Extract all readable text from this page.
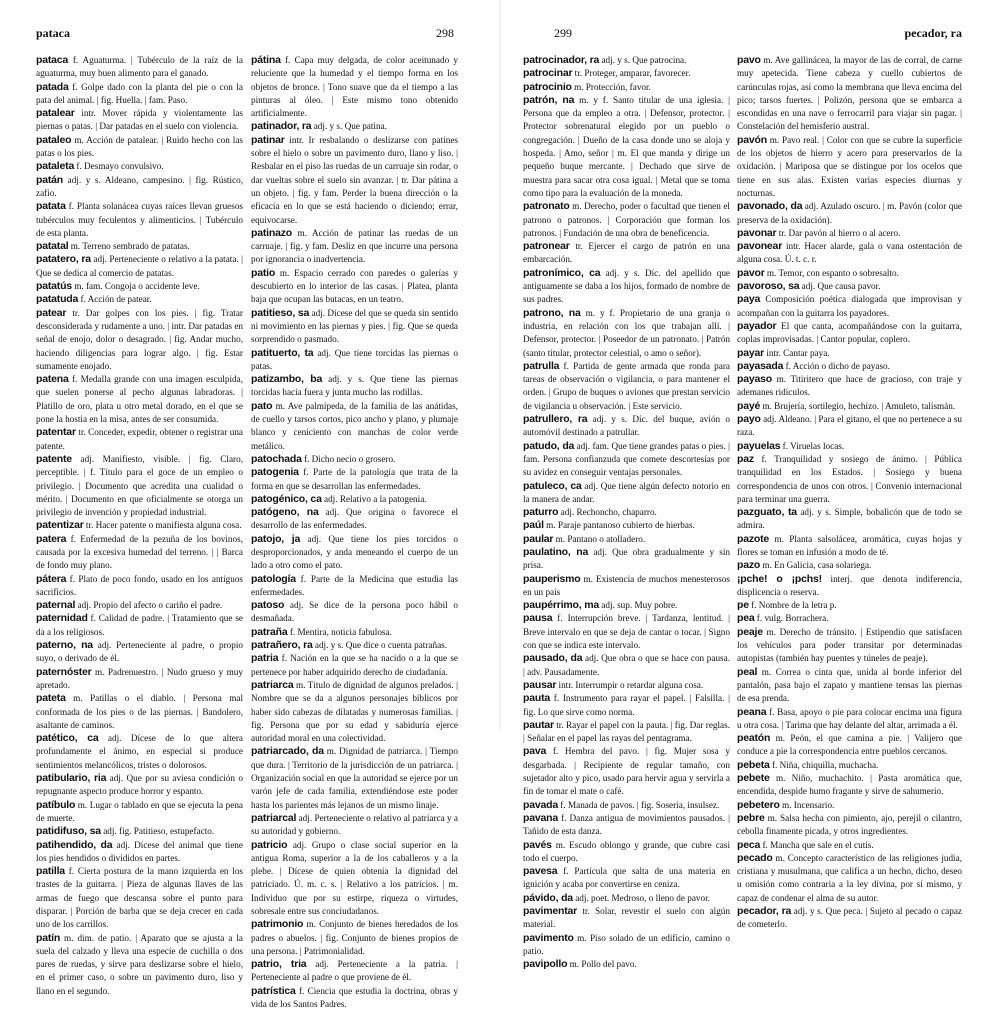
pataca	298

pataca f. Aguaturma. | Tubérculo de la raíz de la aguaturma, muy buen alimento para el ganado.

patada f. Golpe dado con la planta del pie o con la pata del animal. | fig. Huella. | fam. Paso.

patalear intr. Mover rápida y violentamente las piernas o patas. | Dar patadas en el suelo con violencia.

pataleo m. Acción de patalear. | Ruido hecho con las patas o los pies.

pataleta f. Desmayo convulsivo.

patán adj. y s. Aldeano, campesino. | fig. Rústico, zafio.

patata f. Planta solanácea cuyas raíces llevan gruesos tubérculos muy feculentos y alimenticios. | Tubérculo de esta planta.

patatal m. Terreno sembrado de patatas.

patatero, ra adj. Perteneciente o relativo a la patata. | Que se dedica al comercio de patatas.

patatús m. fam. Congoja o accidente leve.

patatuda f. Acción de patear.

patear tr. Dar golpes con los pies. | fig. Tratar desconsiderada y rudamente a uno. | intr. Dar patadas en señal de enojo, dolor o desagrado. | fig. Andar mucho, haciendo diligencias para lograr algo. | fig. Estar sumamente enojado.

patena f. Medalla grande con una imagen esculpida, que suelen ponerse al pecho algunas labradoras. | Platillo de oro, plata u otro metal dorado, en el que se pone la hostia en la misa, antes de ser consumida.

patentar tr. Conceder, expedir, obtener o registrar una patente.

patente adj. Manifiesto, visible. | fig. Claro, perceptible. | f. Título para el goce de un empleo o privilegio. | Documento que acredita una cualidad o mérito. | Documento en que oficialmente se otorga un privilegio de invención y propiedad industrial.

patentizar tr. Hacer patente o manifiesta alguna cosa.

patera f. Enfermedad de la pezuña de los bovinos, causada por la excesiva humedad del terreno. | | Barca de fondo muy plano.

pátera f. Plato de poco fondo, usado en los antiguos sacrificios.

paternal adj. Propio del afecto o cariño el padre.

paternidad f. Calidad de padre. | Tratamiento que se da a los religiosos.

paterno, na adj. Perteneciente al padre, o propio suyo, o derivado de él.

paternóster m. Padrenuestro. | Nudo grueso y muy apretado.

pateta m. Patillas o el diablo. | Persona mal conformada de los pies o de las piernas. | Bandolero, asaltante de caminos.

patético, ca adj. Dícese de lo que altera profundamente el ánimo, en especial si produce sentimientos melancólicos, tristes o dolorosos.

patibulario, ria adj. Que por su aviesa condición o repugnante aspecto produce horror y espanto.

patíbulo m. Lugar o tablado en que se ejecuta la pena de muerte.

patidifuso, sa adj. fig. Patitieso, estupefacto.

patihendido, da adj. Dícese del animal que tiene los pies hendidos o divididos en partes.

patilla f. Cierta postura de la mano izquierda en los trastes de la guitarra. | Pieza de algunas llaves de las armas de fuego que descansa sobre el punto para disparar. | Porción de barba que se deja crecer en cada uno de los carrillos.

patín m. dim. de patio. | Aparato que se ajusta a la suela del calzado y lleva una especie de cuchilla o dos pares de ruedas, y sirve para deslizarse sobre el hielo, en el primer caso, o sobre un pavimento duro, liso y llano en el segundo.

pátina f. Capa muy delgada, de color aceitunado y reluciente que la humedad y el tiempo forma en los objetos de bronce. | Tono suave que da el tiempo a las pinturas al óleo. | Este mismo tono obtenido artificialmente.

patinador, ra adj. y s. Que patina.

patinar intr. Ir resbalando o deslizarse con patines sobre el hielo o sobre un pavimento duro, llano y liso. | Resbalar en el piso las ruedas de un carruaje sin rodar, o dar vueltas sobre el suelo sin avanzar. | tr. Dar pátina a un objeto. | fig. y fam. Perder la buena dirección o la eficacia en lo que se está haciendo o diciendo; errar, equivocarse.

patinazo m. Acción de patinar las ruedas de un carruaje. | fig. y fam. Desliz en que incurre una persona por ignorancia o inadvertencia.

patio m. Espacio cerrado con paredes o galerías y descubierto en lo interior de las casas. | Platea, planta baja que ocupan las butacas, en un teatro.

patitieso, sa adj. Dícese del que se queda sin sentido ni movimiento en las piernas y pies. | fig. Que se queda sorprendido o pasmado.

patituerto, ta adj. Que tiene torcidas las piernas o patas.

patizambo, ba adj. y s. Que tiene las piernas torcidas hacia fuera y junta mucho las rodillas.

pato m. Ave palmípeda, de la familia de las anátidas, de cuello y tarsos cortos, pico ancho y plano, y plumaje blanco y ceniciento con manchas de color verde metálico.

patochada f. Dicho necio o grosero.

patogenia f. Parte de la patología que trata de la forma en que se desarrollan las enfermedades.

patogénico, ca adj. Relativo a la patogenia.

patógeno, na adj. Que origina o favorece el desarrollo de las enfermedades.

patojo, ja adj. Que tiene los pies torcidos o desproporcionados, y anda meneando el cuerpo de un lado a otro como el pato.

patología f. Parte de la Medicina que estudia las enfermedades.

patoso adj. Se dice de la persona poco hábil o desmañada.

patraña f. Mentira, noticia fabulosa.

patrañero, ra adj. y s. Que dice o cuenta patrañas.

patria f. Nación en la que se ha nacido o a la que se pertenece por haber adquirido derecho de ciudadanía.

patriarca m. Título de dignidad de algunos prelados. | Nombre que se da a algunos personajes bíblicos por haber sido cabezas de dilatadas y numerosas familias. | fig. Persona que por su edad y sabiduría ejerce autoridad moral en una colectividad.

patriarcado, da m. Dignidad de patriarca. | Tiempo que dura. | Territorio de la jurisdicción de un patriarca. | Organización social en que la autoridad se ejerce por un varón jefe de cada familia, extendiéndose este poder hasta los parientes más lejanos de un mismo linaje.

patriarcal adj. Perteneciente o relativo al patriarca y a su autoridad y gobierno.

patricio adj. Grupo o clase social superior en la antigua Roma, superior a la de los caballeros y a la plebe. | Dícese de quien obtenía la dignidad del patriciado. Ú. m. c. s. | Relativo a los patricios. | m. Individuo que por su estirpe, riqueza o virtudes, sobresale entre sus conciudadanos.

patrimonio m. Conjunto de bienes heredados de los padres o abuelos. | fig. Conjunto de bienes propios de una persona. | Patrimonialidad.

patrio, tria adj. Perteneciente a la patria. | Perteneciente al padre o que proviene de él.

patrística f. Ciencia que estudia la doctrina, obras y vida de los Santos Padres.

299	pecador, ra

patrocinador, ra adj. y s. Que patrocina.

patrocinar tr. Proteger, amparar, favorecer.

patrocinio m. Protección, favor.

patrón, na m. y f. Santo titular de una iglesia. | Persona que da empleo a otra. | Defensor, protector. | Protector sobrenatural elegido por un pueblo o congregación. | Dueño de la casa donde uno se aloja y hospeda. | Amo, señor | m. El que manda y dirige un pequeño buque mercante. | Dechado que sirve de muestra para sacar otra cosa igual. | Metal que se toma como tipo para la evaluación de la moneda.

patronato m. Derecho, poder o facultad que tienen el patrono o patronos. | Corporación que forman los patronos. | Fundación de una obra de beneficencia.

patronear tr. Ejercer el cargo de patrón en una embarcación.

patronímico, ca adj. y s. Díc. del apellido que antiguamente se daba a los hijos, formado de nombre de sus padres.

patrono, na m. y f. Propietario de una granja o industria, en relación con los que trabajan allí. | Defensor, protector. | Poseedor de un patronato. | Patrón (santo titular, protector celestial, o amo o señor).

patrulla f. Partida de gente armada que ronda para tareas de observación o vigilancia, o para mantener el orden. | Grupo de buques o aviones que prestan servicio de vigilancia u observación. | Este servicio.

patrullero, ra adj. y s. Díc. del buque, avión o automóvil destinado a patrullar.

patudo, da adj. fam. Que tiene grandes patas o pies. | fam. Persona confianzuda que comete descortesías por su avidez en conseguir ventajas personales.

patuleco, ca adj. Que tiene algún defecto notorio en la manera de andar.

paturro adj. Rechoncho, chaparro.

paúl m. Paraje pantanoso cubierto de hierbas.

paular m. Pantano o atolladero.

paulatino, na adj. Que obra gradualmente y sin prisa.

pauperismo m. Existencia de muchos menesterosos en un país

paupérrimo, ma adj. sup. Muy pobre.

pausa f. Interrupción breve. | Tardanza, lentitud. | Breve intervalo en que se deja de cantar o tocar. | Signo con que se indica este intervalo.

pausado, da adj. Que obra o que se hace con pausa. | adv. Pausadamente.

pausar intr. Interrumpir o retardar alguna cosa.

pauta f. Instrumento para rayar el papel. | Falsilla. | fig. Lo que sirve como norma.

pautar tr. Rayar el papel con la pauta. | fig. Dar reglas. | Señalar en el papel las rayas del pentagrama.

pava f. Hembra del pavo. | fig. Mujer sosa y desgarbada. | Recipiente de regular tamaño, con sujetador alto y pico, usado para hervir agua y servirla a fin de tomar el mate o café.

pavada f. Manada de pavos. | fig. Sosería, insulsez.

pavana f. Danza antigua de movimientos pausados. | Tañido de esta danza.

pavés m. Escudo oblongo y grande, que cubre casi todo el cuerpo.

pavesa f. Partícula que salta de una materia en ignición y acaba por convertirse en ceniza.

pávido, da adj. poet. Medroso, o lleno de pavor.

pavimentar tr. Solar, revestir el suelo con algún material.

pavimento m. Piso solado de un edificio, camino o patio.

pavipollo m. Pollo del pavo.

pavo m. Ave gallinácea, la mayor de las de corral, de carne muy apetecida. Tiene cabeza y cuello cubiertos de carúnculas rojas, así como la membrana que lleva encima del pico; tarsos fuertes. | Polizón, persona que se embarca a escondidas en una nave o ferrocarril para viajar sin pagar. | Constelación del hemisferio austral.

pavón m. Pavo real. | Color con que se cubre la superficie de los objetos de hierro y acero para preservarlos de la oxidación. | Mariposa que se distingue por los ocelos que tiene en sus alas. Existen varias especies diurnas y nocturnas.

pavonado, da adj. Azulado oscuro. | m. Pavón (color que preserva de la oxidación).

pavonar tr. Dar pavón al hierro o al acero.

pavonear intr. Hacer alarde, gala o vana ostentación de alguna cosa. Ú. t. c. r.

pavor m. Temor, con espanto o sobresalto.

pavoroso, sa adj. Que causa pavor.

paya Composición poética dialogada que improvisan y acompañan con la guitarra los payadores.

payador El que canta, acompañándose con la guitarra, coplas improvisadas. | Cantor popular, coplero.

payar intr. Cantar paya.

payasada f. Acción o dicho de payaso.

payaso m. Titiritero que hace de gracioso, con traje y ademanes ridículos.

payé m. Brujería, sortilegio, hechizo. | Amuleto, talismán.

payo adj. Aldeano. | Para el gitano, el que no pertenece a su raza.

payuelas f. Viruelas locas.

paz f. Tranquilidad y sosiego de ánimo. | Pública tranquilidad en los Estados. | Sosiego y buena correspondencia de unos con otros. | Convenio internacional para terminar una guerra.

pazguato, ta adj. y s. Simple, bobalicón que de todo se admira.

pazote m. Planta salsolácea, aromática, cuyas hojas y flores se toman en infusión a modo de té.

pazo m. En Galicia, casa solariega.

¡pche! o ¡pchs! interj. que denota indiferencia, displicencia o reserva.

pe f. Nombre de la letra p.

pea f. vulg. Borrachera.

peaje m. Derecho de tránsito. | Estipendio que satisfacen los vehículos para poder transitar por determinadas autopistas (también hay puentes y túneles de peaje).

peal m. Correa o cinta que, unida al borde inferior del pantalón, pasa bajo el zapato y mantiene tensas las piernas de esa prenda.

peana f. Basa, apoyo o pie para colocar encima una figura u otra cosa. | Tarima que hay delante del altar, arrimada a él.

peatón m. Peón, el que camina a pie. | Valijero que conduce a pie la correspondencia entre pueblos cercanos.

pebeta f. Niña, chiquilla, muchacha.

pebete m. Niño, muchachito. | Pasta aromática que, encendida, despide humo fragante y sirve de sahumerio.

pebetero m. Incensario.

pebre m. Salsa hecha con pimiento, ajo, perejil o cilantro, cebolla finamente picada, y otros ingredientes.

peca f. Mancha que sale en el cutis.

pecado m. Concepto característico de las religiones judía, cristiana y musulmana, que califica a un hecho, dicho, deseo u omisión como contraria a la ley divina, por sí mismo, y capaz de condenar el alma de su autor.

pecador, ra adj. y s. Que peca. | Sujeto al pecado o capaz de cometerlo.
